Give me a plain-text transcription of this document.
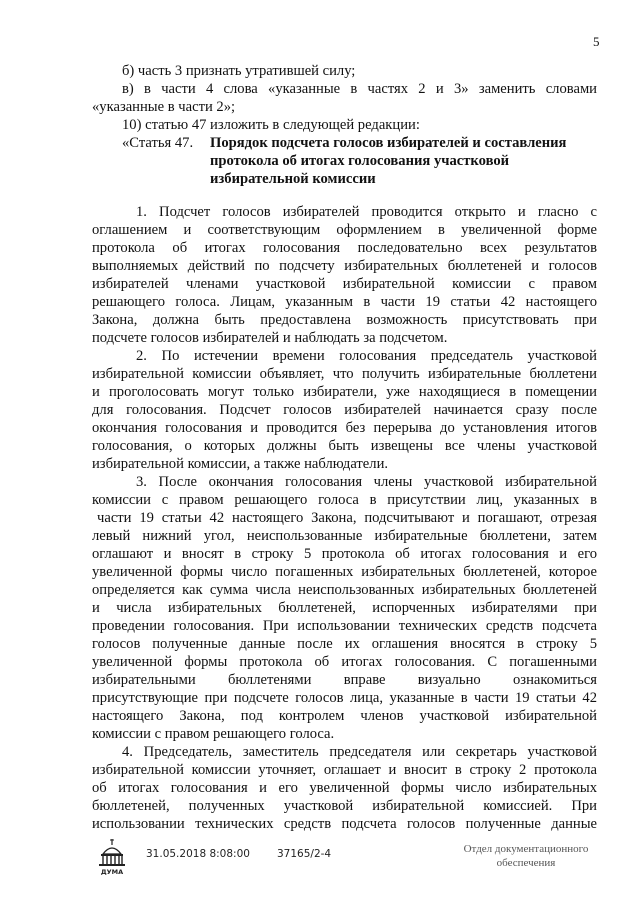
5
«Статья 47.	Порядок подсчета голосов избирателей и составления
протокола об итогах голосования участковой
избирательной комиссии
б) часть 3 признать утратившей силу;
в) в части 4 слова «указанные в частях 2 и 3» заменить словами
«указанные в части 2»;
10) статью 47 изложить в следующей редакции:
1. Подсчет голосов избирателей проводится открыто и гласно с
оглашением и соответствующим оформлением в увеличенной форме
протокола об итогах голосования последовательно всех результатов
выполняемых действий по подсчету избирательных бюллетеней и голосов
избирателей членами участковой избирательной комиссии с правом
решающего голоса. Лицам, указанным в части 19 статьи 42 настоящего
Закона, должна быть предоставлена возможность присутствовать при
подсчете голосов избирателей и наблюдать за подсчетом.
2. По истечении времени голосования председатель участковой
избирательной комиссии объявляет, что получить избирательные бюллетени
и проголосовать могут только избиратели, уже находящиеся в помещении
для голосования. Подсчет голосов избирателей начинается сразу после
окончания голосования и проводится без перерыва до установления итогов
голосования, о которых должны быть извещены все члены участковой
избирательной комиссии, а также наблюдатели.
3. После окончания голосования члены участковой избирательной
комиссии с правом решающего голоса в присутствии лиц, указанных в
части 19 статьи 42 настоящего Закона, подсчитывают и погашают, отрезая
левый нижний угол, неиспользованные избирательные бюллетени, затем
оглашают и вносят в строку 5 протокола об итогах голосования и его
увеличенной формы число погашенных избирательных бюллетеней, которое
определяется как сумма числа неиспользованных избирательных бюллетеней
и числа избирательных бюллетеней, испорченных избирателями при
проведении голосования. При использовании технических средств подсчета
голосов полученные данные после их оглашения вносятся в строку 5
увеличенной формы протокола об итогах голосования. С погашенными
избирательными бюллетенями вправе визуально ознакомиться
присутствующие при подсчете голосов лица, указанные в части 19 статьи 42
настоящего Закона, под контролем членов участковой избирательной
комиссии с правом решающего голоса.
4. Председатель, заместитель председателя или секретарь участковой
избирательной комиссии уточняет, оглашает и вносит в строку 2 протокола
об итогах голосования и его увеличенной формы число избирательных
бюллетеней, полученных участковой избирательной комиссией. При
использовании технических средств подсчета голосов полученные данные
ДУМА
31.05.2018 8:08:00	37165/2-4	Отдел документационного
обеспечения
